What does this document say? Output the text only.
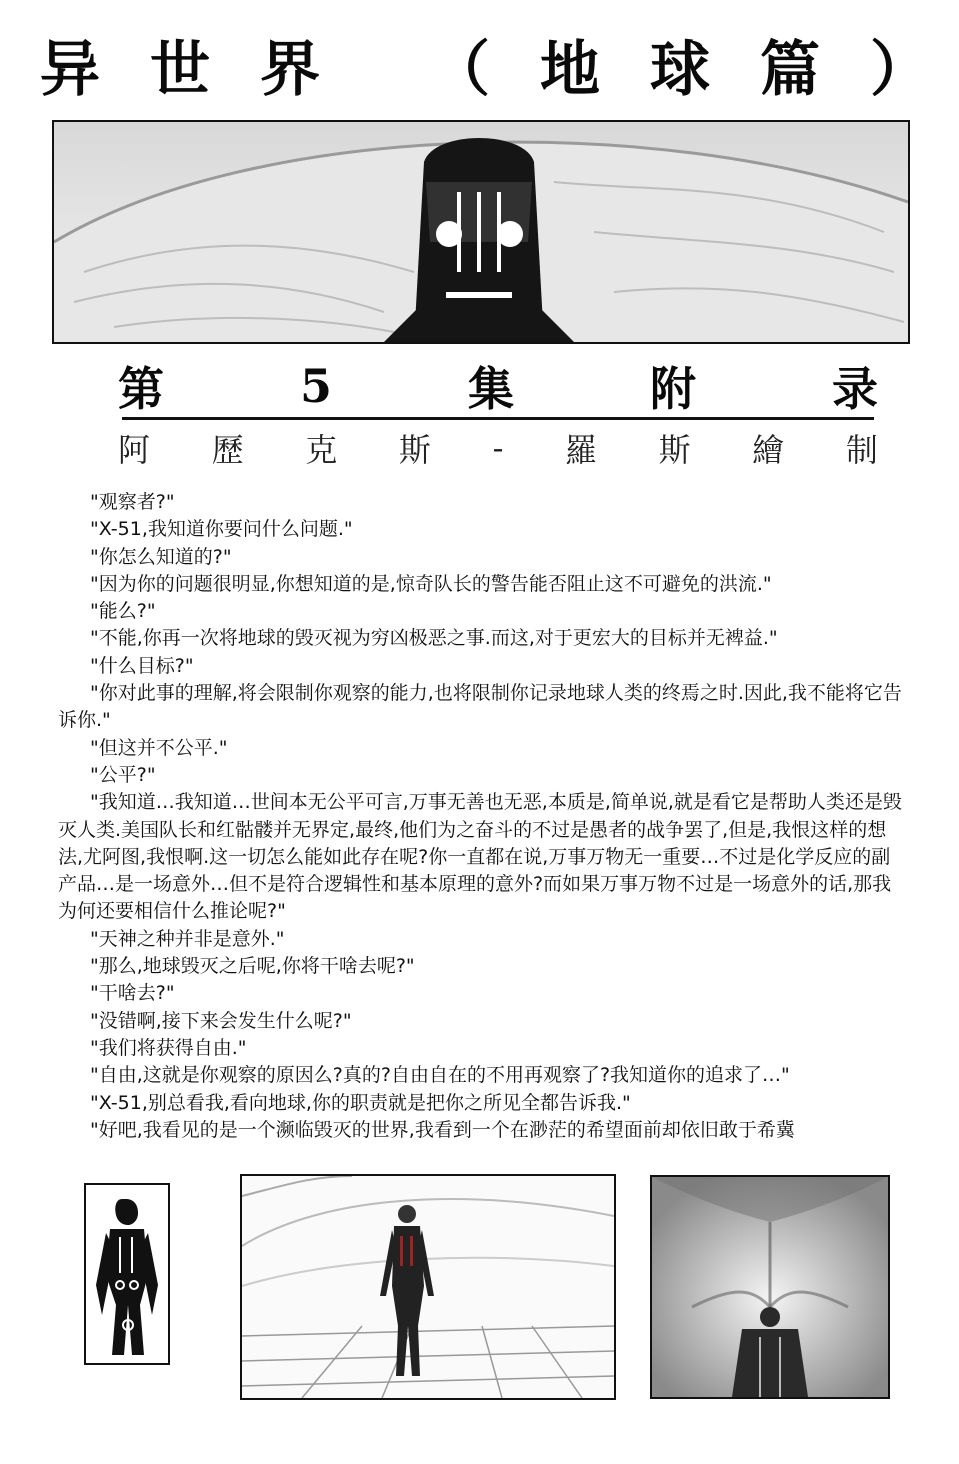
异 世 界 （ 地 球 篇 ）
第	5	集	附	录
阿 歷 克 斯 - 羅 斯 繪 制

"观察者?"

"X-51,我知道你要问什么问题."

"你怎么知道的?"

"因为你的问题很明显,你想知道的是,惊奇队长的警告能否阻止这不可避免的洪流."

"能么?"

"不能,你再一次将地球的毁灭视为穷凶极恶之事.而这,对于更宏大的目标并无裨益."

"什么目标?"

"你对此事的理解,将会限制你观察的能力,也将限制你记录地球人类的终焉之时.因此,我不能将它告诉你."

"但这并不公平."

"公平?"

"我知道…我知道…世间本无公平可言,万事无善也无恶,本质是,简单说,就是看它是帮助人类还是毁灭人类.美国队长和红骷髅并无界定,最终,他们为之奋斗的不过是愚者的战争罢了,但是,我恨这样的想法,尤阿图,我恨啊.这一切怎么能如此存在呢?你一直都在说,万事万物无一重要…不过是化学反应的副产品…是一场意外…但不是符合逻辑性和基本原理的意外?而如果万事万物不过是一场意外的话,那我为何还要相信什么推论呢?"

"天神之种并非是意外."

"那么,地球毁灭之后呢,你将干啥去呢?"

"干啥去?"

"没错啊,接下来会发生什么呢?"

"我们将获得自由."

"自由,这就是你观察的原因么?真的?自由自在的不用再观察了?我知道你的追求了…"

"X-51,别总看我,看向地球,你的职责就是把你之所见全都告诉我."

"好吧,我看见的是一个濒临毁灭的世界,我看到一个在渺茫的希望面前却依旧敢于希冀
